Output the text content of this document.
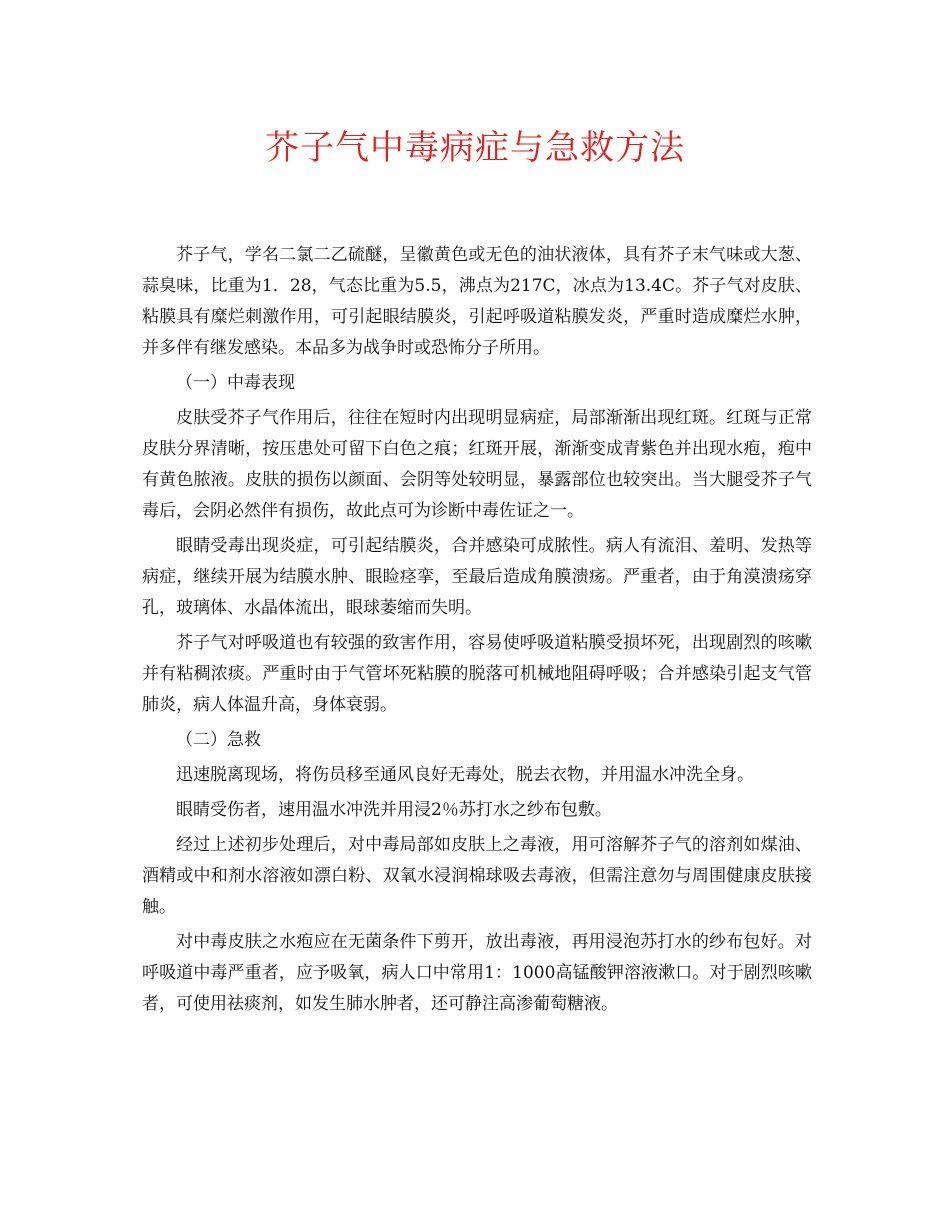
芥子气中毒病症与急救方法

芥子气，学名二氯二乙硫醚，呈徽黄色或无色的油状液体，具有芥子末气味或大葱、蒜臭味，比重为1．28，气态比重为5.5，沸点为217C，冰点为13.4C。芥子气对皮肤、粘膜具有糜烂刺激作用，可引起眼结膜炎，引起呼吸道粘膜发炎，严重时造成糜烂水肿，并多伴有继发感染。本品多为战争时或恐怖分子所用。

（一）中毒表现

皮肤受芥子气作用后，往往在短时内出现明显病症，局部渐渐出现红斑。红斑与正常皮肤分界清晰，按压患处可留下白色之痕；红斑开展，渐渐变成青紫色并出现水疱，疱中有黄色脓液。皮肤的损伤以颜面、会阴等处较明显，暴露部位也较突出。当大腿受芥子气毒后，会阴必然伴有损伤，故此点可为诊断中毒佐证之一。

眼睛受毒出现炎症，可引起结膜炎，合并感染可成脓性。病人有流泪、羞明、发热等病症，继续开展为结膜水肿、眼睑痉挛，至最后造成角膜溃疡。严重者，由于角漠溃疡穿孔，玻璃体、水晶体流出，眼球萎缩而失明。

芥子气对呼吸道也有较强的致害作用，容易使呼吸道粘膜受损坏死，出现剧烈的咳嗽并有粘稠浓痰。严重时由于气管坏死粘膜的脱落可机械地阻碍呼吸；合并感染引起支气管肺炎，病人体温升高，身体衰弱。

（二）急救

迅速脱离现场，将伤员移至通风良好无毒处，脱去衣物，并用温水冲洗全身。

眼睛受伤者，速用温水冲洗并用浸2％苏打水之纱布包敷。

经过上述初步处理后，对中毒局部如皮肤上之毒液，用可溶解芥子气的溶剂如煤油、酒精或中和剂水溶液如漂白粉、双氧水浸润棉球吸去毒液，但需注意勿与周围健康皮肤接触。

对中毒皮肤之水疱应在无菌条件下剪开，放出毒液，再用浸泡苏打水的纱布包好。对呼吸道中毒严重者，应予吸氧，病人口中常用1：1000高锰酸钾溶液漱口。对于剧烈咳嗽者，可使用祛痰剂，如发生肺水肿者，还可静注高渗葡萄糖液。
